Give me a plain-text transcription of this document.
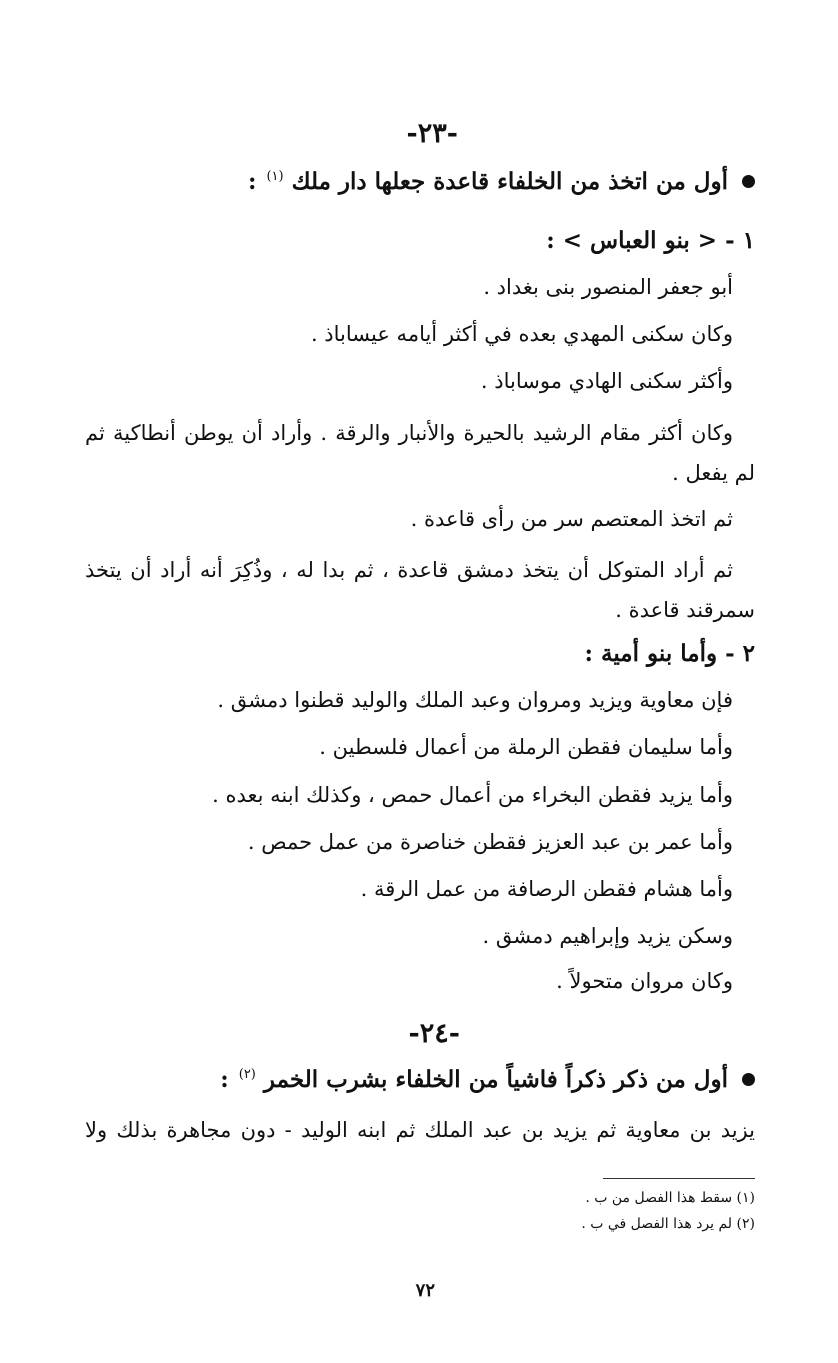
-٢٣-
أول من اتخذ من الخلفاء قاعدة جعلها دار ملك$^{(١)}$:
١ - < بنو العباس > :
أبو جعفر المنصور بنى بغداد .
وكان سكنى المهدي بعده في أكثر أيامه عيساباذ .
وأكثر سكنى الهادي موساباذ .
وكان أكثر مقام الرشيد بالحيرة والأنبار والرقة . وأراد أن يوطن أنطاكية ثم لم يفعل .
ثم اتخذ المعتصم سر من رأى قاعدة .
ثم أراد المتوكل أن يتخذ دمشق قاعدة ، ثم بدا له ، وذُكِرَ أنه أراد أن يتخذ سمرقند قاعدة .
٢ - وأما بنو أمية :
فإن معاوية ويزيد ومروان وعبد الملك والوليد قطنوا دمشق .
وأما سليمان فقطن الرملة من أعمال فلسطين .
وأما يزيد فقطن البخراء من أعمال حمص ، وكذلك ابنه بعده .
وأما عمر بن عبد العزيز فقطن خناصرة من عمل حمص .
وأما هشام فقطن الرصافة من عمل الرقة .
وسكن يزيد وإبراهيم دمشق .
وكان مروان متحولاً .
-٢٤-
أول من ذكر ذكراً فاشياً من الخلفاء بشرب الخمر$^{(٢)}$:
يزيد بن معاوية ثم يزيد بن عبد الملك ثم ابنه الوليد - دون مجاهرة بذلك ولا
(١) سقط هذا الفصل من ب .
(٢) لم يرد هذا الفصل في ب .
٧٢
